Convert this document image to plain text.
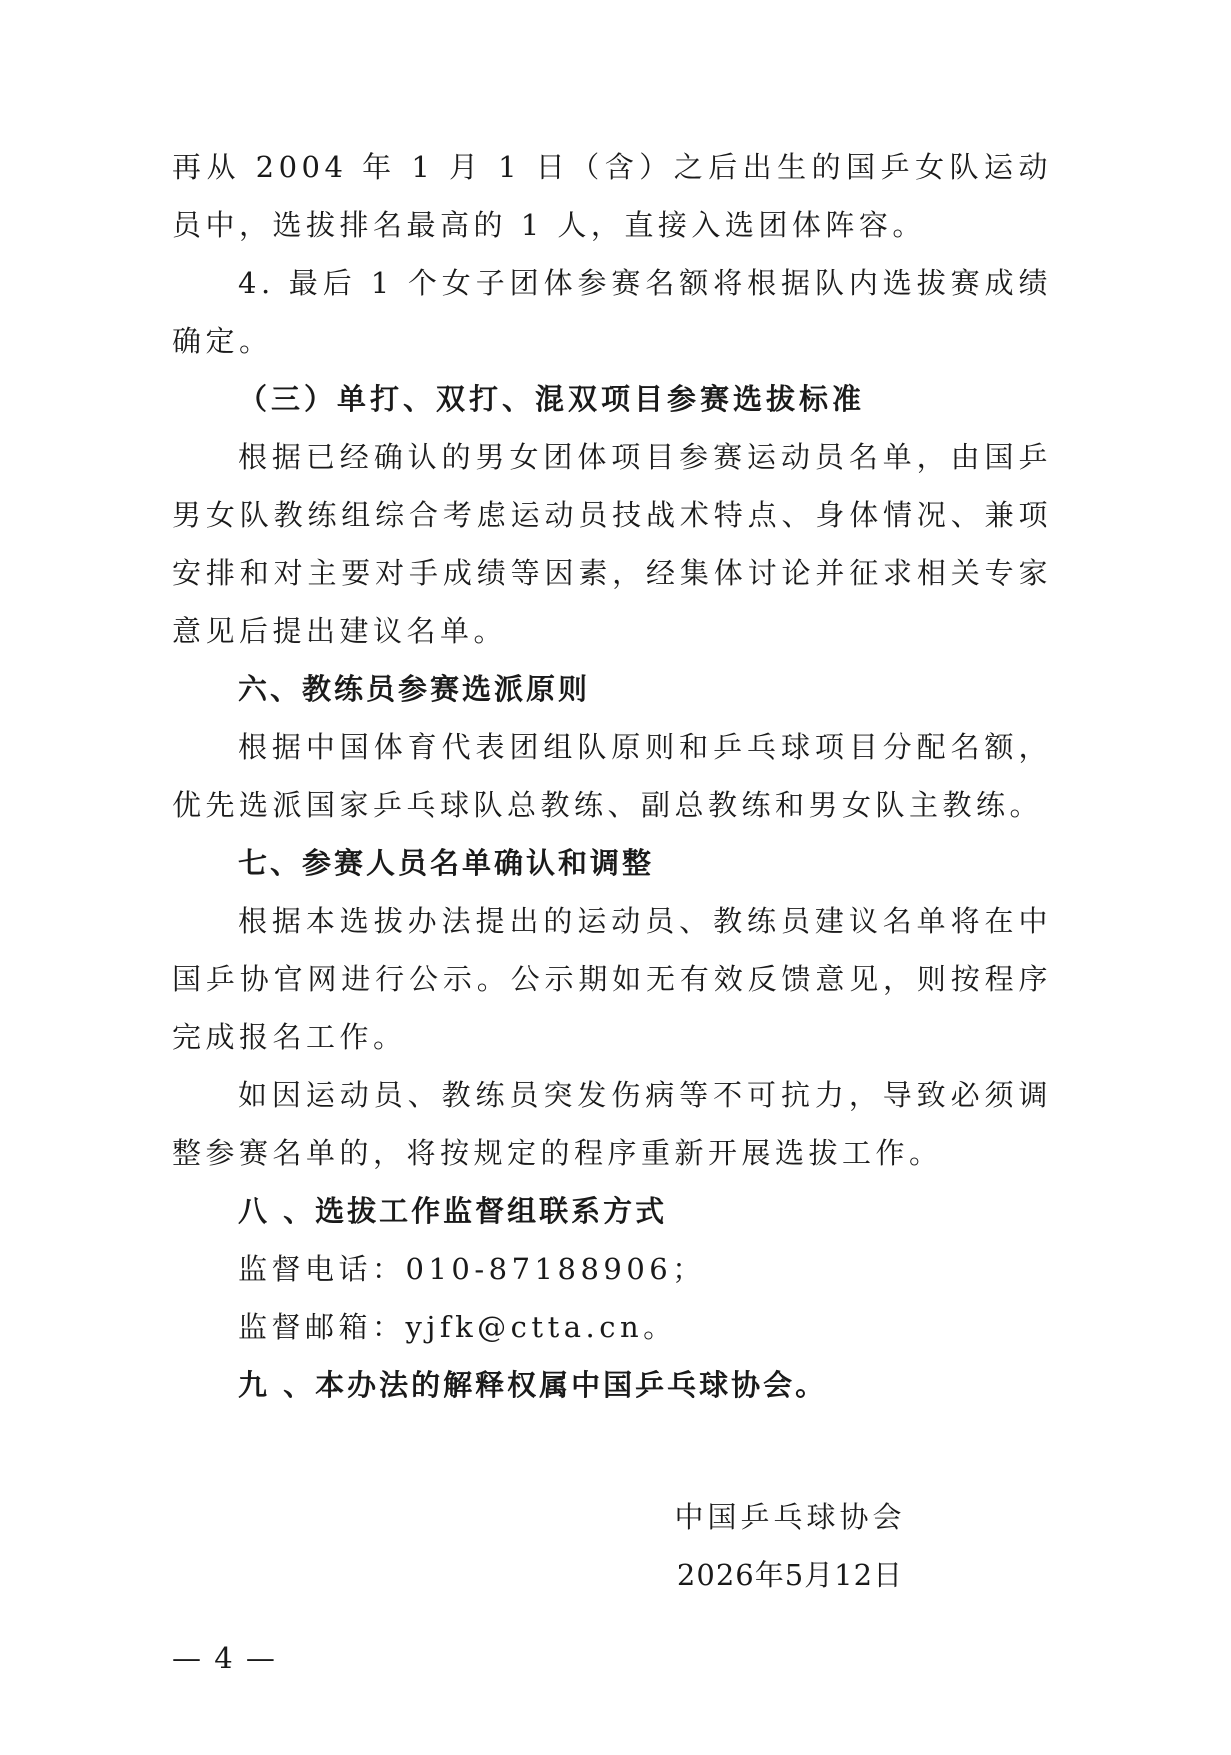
再从 2004 年 1 月 1 日（含）之后出生的国乒女队运动员中，选拔排名最高的 1 人，直接入选团体阵容。

4. 最后 1 个女子团体参赛名额将根据队内选拔赛成绩确定。

（三）单打、双打、混双项目参赛选拔标准

根据已经确认的男女团体项目参赛运动员名单，由国乒男女队教练组综合考虑运动员技战术特点、身体情况、兼项安排和对主要对手成绩等因素，经集体讨论并征求相关专家意见后提出建议名单。

六、教练员参赛选派原则

根据中国体育代表团组队原则和乒乓球项目分配名额，优先选派国家乒乓球队总教练、副总教练和男女队主教练。

七、参赛人员名单确认和调整

根据本选拔办法提出的运动员、教练员建议名单将在中国乒协官网进行公示。公示期如无有效反馈意见，则按程序完成报名工作。

如因运动员、教练员突发伤病等不可抗力，导致必须调整参赛名单的，将按规定的程序重新开展选拔工作。

八 、选拔工作监督组联系方式

监督电话：010-87188906；

监督邮箱：yjfk@ctta.cn。

九 、本办法的解释权属中国乒乓球协会。

中国乒乓球协会
2026年5月12日
— 4 —
